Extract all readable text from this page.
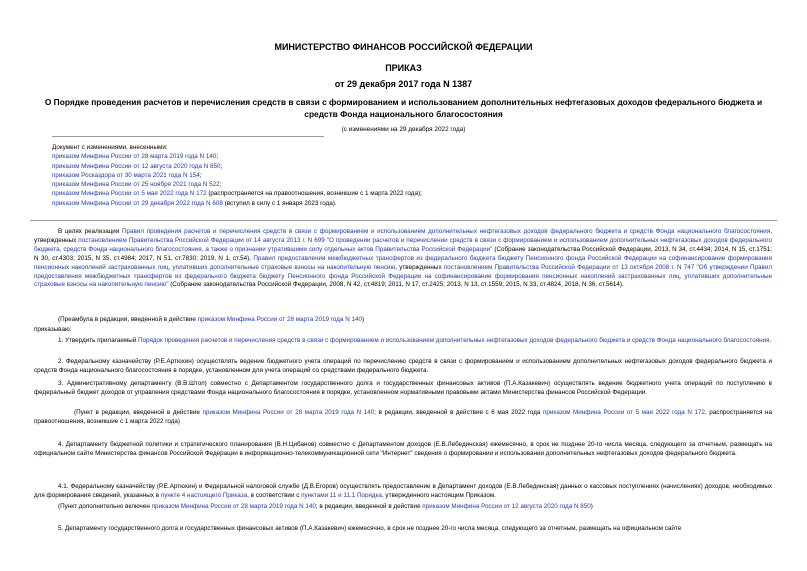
МИНИСТЕРСТВО ФИНАНСОВ РОССИЙСКОЙ ФЕДЕРАЦИИ
ПРИКАЗ
от 29 декабря 2017 года N 1387
О Порядке проведения расчетов и перечисления средств в связи с формированием и использованием дополнительных нефтегазовых доходов федерального бюджета и средств Фонда национального благосостояния
(с изменениями на 29 декабря 2022 года)
Документ с изменениями, внесенными:
приказом Минфина России от 28 марта 2019 года N 140;
приказом Минфина России от 12 августа 2020 года N 850;
приказом Росказдора от 30 марта 2021 года N 154;
приказом Минфина России от 25 ноября 2021 года N 522;
приказом Минфина России от 5 мая 2022 года N 172 (распространяется на правоотношения, возникшие с 1 марта 2022 года);
приказом Минфина России от 29 декабря 2022 года N 608 (вступил в силу с 1 января 2023 года).
В целях реализации Правил проведения расчетов и перечисления средств в связи с формированием и использованием дополнительных нефтегазовых доходов федерального бюджета и средств Фонда национального благосостояния, утвержденных постановлением Правительства Российской Федерации от 14 августа 2013 г. N 699 "О проведении расчетов и перечислении средств в связи с формированием и использованием дополнительных нефтегазовых доходов федерального бюджета, средств Фонда национального благосостояния, а также о признании утратившими силу отдельных актов Правительства Российской Федерации" (Собрание законодательства Российской Федерации, 2013, N 34, ст.4434; 2014, N 15, ст.1751; N 30, ст.4303; 2015, N 35, ст.4984; 2017, N 51, ст.7830; 2019, N 1, ст.54), Правил предоставления межбюджетных трансфертов из федерального бюджета бюджету Пенсионного фонда Российской Федерации на софинансирование формирования пенсионных накоплений застрахованных лиц, уплативших дополнительные страховые взносы на накопительную пенсию, утвержденных постановлением Правительства Российской Федерации от 13 октября 2008 г. N 747 "Об утверждении Правил предоставления межбюджетных трансфертов из федерального бюджета бюджету Пенсионного фонда Российской Федерации на софинансирование формирования пенсионных накоплений застрахованных лиц, уплативших дополнительные страховые взносы на накопительную пенсию" (Собрание законодательства Российской Федерации, 2008, N 42, ст.4819; 2011, N 17, ст.2425; 2013, N 13, ст.1559; 2015, N 33, ст.4824, 2018, N 36, ст.5614).
(Преамбула в редакции, введенной в действие приказом Минфина России от 28 марта 2019 года N 140)
приказываю:
1. Утвердить прилагаемый Порядок проведения расчетов и перечисления средств в связи с формированием и использованием дополнительных нефтегазовых доходов федерального бюджета и средств Фонда национального благосостояния.
2. Федеральному казначейству (Р.Е.Артюхин) осуществлять ведение бюджетного учета операций по перечислению средств в связи с формированием и использованием дополнительных нефтегазовых доходов федерального бюджета и средств Фонда национального благосостояния в порядке, установленном для учета операций со средствами федерального бюджета.
3. Административному департаменту (В.В.Штоп) совместно с Департаментом государственного долга и государственных финансовых активов (П.А.Казакевич) осуществлять ведение бюджетного учета операций по поступлению в федеральный бюджет доходов от управления средствами Фонда национального благосостояния в порядке, установленном нормативными правовыми актами Министерства финансов Российской Федерации.
(Пункт в редакции, введенной в действие приказом Минфина России от 28 марта 2019 года N 140; в редакции, введенной в действие с 6 мая 2022 года приказом Минфина России от 5 мая 2022 года N 172, распространяется на правоотношения, возникшие с 1 марта 2022 года)
4. Департаменту бюджетной политики и стратегического планирования (В.Н.Цибанов) совместно с Департаментом доходов (Е.В.Лебединская) ежемесячно, в срок не позднее 20-го числа месяца, следующего за отчетным, размещать на официальном сайте Министерства финансов Российской Федерации в информационно-телекоммуникационной сети "Интернет" сведения о формировании и использовании дополнительных нефтегазовых доходов федерального бюджета.
4.1. Федеральному казначейству (Р.Е.Артюхин) и Федеральной налоговой службе (Д.В.Егоров) осуществлять предоставление в Департамент доходов (Е.В.Лебединская) данных о кассовых поступлениях (начислениях) доходов, необходимых для формирования сведений, указанных в пункте 4 настоящего Приказа, в соответствии с пунктами 11 и 11.1 Порядка, утвержденного настоящим Приказом.
(Пункт дополнительно включен приказом Минфина России от 28 марта 2019 года N 140; в редакции, введенной в действие приказом Минфина России от 12 августа 2020 года N 850)
5. Департаменту государственного долга и государственных финансовых активов (П.А.Казакевич) ежемесячно, в срок не позднее 20-го числа месяца, следующего за отчетным, размещать на официальном сайте
